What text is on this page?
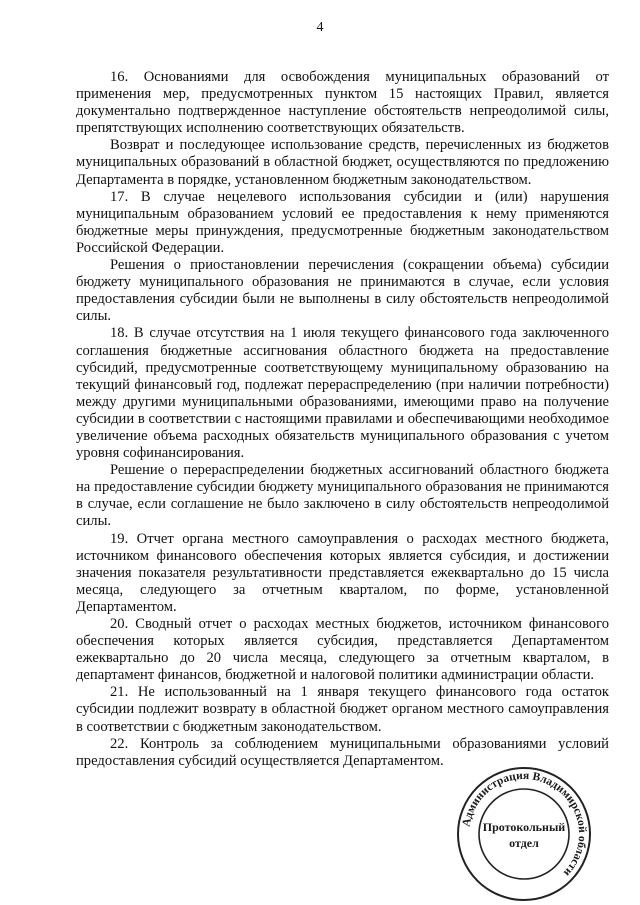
4

16. Основаниями для освобождения муниципальных образований от применения мер, предусмотренных пунктом 15 настоящих Правил, является документально подтвержденное наступление обстоятельств непреодолимой силы, препятствующих исполнению соответствующих обязательств.

Возврат и последующее использование средств, перечисленных из бюджетов муниципальных образований в областной бюджет, осуществляются по предложению Департамента в порядке, установленном бюджетным законодательством.

17. В случае нецелевого использования субсидии и (или) нарушения муниципальным образованием условий ее предоставления к нему применяются бюджетные меры принуждения, предусмотренные бюджетным законодательством Российской Федерации.

Решения о приостановлении перечисления (сокращении объема) субсидии бюджету муниципального образования не принимаются в случае, если условия предоставления субсидии были не выполнены в силу обстоятельств непреодолимой силы.

18. В случае отсутствия на 1 июля текущего финансового года заключенного соглашения бюджетные ассигнования областного бюджета на предоставление субсидий, предусмотренные соответствующему муниципальному образованию на текущий финансовый год, подлежат перераспределению (при наличии потребности) между другими муниципальными образованиями, имеющими право на получение субсидии в соответствии с настоящими правилами и обеспечивающими необходимое увеличение объема расходных обязательств муниципального образования с учетом уровня софинансирования.

Решение о перераспределении бюджетных ассигнований областного бюджета на предоставление субсидии бюджету муниципального образования не принимаются в случае, если соглашение не было заключено в силу обстоятельств непреодолимой силы.

19. Отчет органа местного самоуправления о расходах местного бюджета, источником финансового обеспечения которых является субсидия, и достижении значения показателя результативности представляется ежеквартально до 15 числа месяца, следующего за отчетным кварталом, по форме, установленной Департаментом.

20. Сводный отчет о расходах местных бюджетов, источником финансового обеспечения которых является субсидия, представляется Департаментом ежеквартально до 20 числа месяца, следующего за отчетным кварталом, в департамент финансов, бюджетной и налоговой политики администрации области.

21. Не использованный на 1 января текущего финансового года остаток субсидии подлежит возврату в областной бюджет органом местного самоуправления в соответствии с бюджетным законодательством.

22. Контроль за соблюдением муниципальными образованиями условий предоставления субсидий осуществляется Департаментом.

Администрация Владимирской области
Протокольный
отдел
